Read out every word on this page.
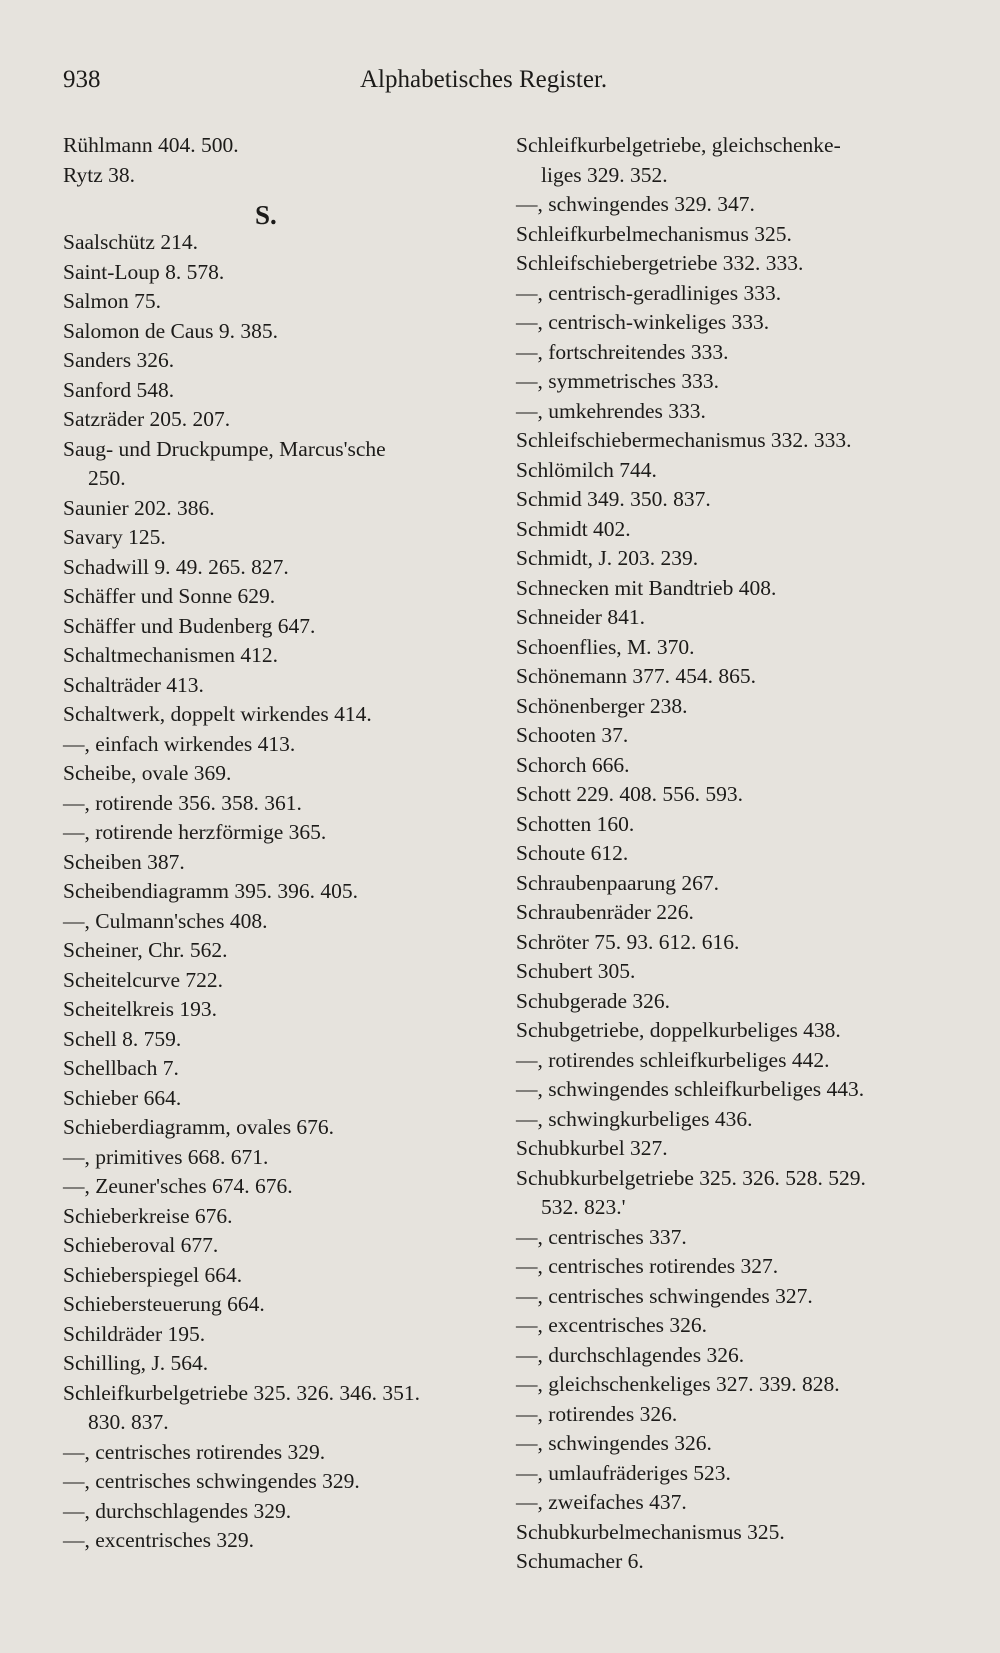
938	Alphabetisches Register.
Rühlmann 404. 500.
Rytz 38.
S.
Saalschütz 214.
Saint-Loup 8. 578.
Salmon 75.
Salomon de Caus 9. 385.
Sanders 326.
Sanford 548.
Satzräder 205. 207.
Saug- und Druckpumpe, Marcus'sche
250.
Saunier 202. 386.
Savary 125.
Schadwill 9. 49. 265. 827.
Schäffer und Sonne 629.
Schäffer und Budenberg 647.
Schaltmechanismen 412.
Schalträder 413.
Schaltwerk, doppelt wirkendes 414.
—, einfach wirkendes 413.
Scheibe, ovale 369.
—, rotirende 356. 358. 361.
—, rotirende herzförmige 365.
Scheiben 387.
Scheibendiagramm 395. 396. 405.
—, Culmann'sches 408.
Scheiner, Chr. 562.
Scheitelcurve 722.
Scheitelkreis 193.
Schell 8. 759.
Schellbach 7.
Schieber 664.
Schieberdiagramm, ovales 676.
—, primitives 668. 671.
—, Zeuner'sches 674. 676.
Schieberkreise 676.
Schieberoval 677.
Schieberspiegel 664.
Schiebersteuerung 664.
Schildräder 195.
Schilling, J. 564.
Schleifkurbelgetriebe 325. 326. 346. 351.
830. 837.
—, centrisches rotirendes 329.
—, centrisches schwingendes 329.
—, durchschlagendes 329.
—, excentrisches 329.
Schleifkurbelgetriebe, gleichschenke-
liges 329. 352.
—, schwingendes 329. 347.
Schleifkurbelmechanismus 325.
Schleifschiebergetriebe 332. 333.
—, centrisch-geradliniges 333.
—, centrisch-winkeliges 333.
—, fortschreitendes 333.
—, symmetrisches 333.
—, umkehrendes 333.
Schleifschiebermechanismus 332. 333.
Schlömilch 744.
Schmid 349. 350. 837.
Schmidt 402.
Schmidt, J. 203. 239.
Schnecken mit Bandtrieb 408.
Schneider 841.
Schoenflies, M. 370.
Schönemann 377. 454. 865.
Schönenberger 238.
Schooten 37.
Schorch 666.
Schott 229. 408. 556. 593.
Schotten 160.
Schoute 612.
Schraubenpaarung 267.
Schraubenräder 226.
Schröter 75. 93. 612. 616.
Schubert 305.
Schubgerade 326.
Schubgetriebe, doppelkurbeliges 438.
—, rotirendes schleifkurbeliges 442.
—, schwingendes schleifkurbeliges 443.
—, schwingkurbeliges 436.
Schubkurbel 327.
Schubkurbelgetriebe 325. 326. 528. 529.
532. 823.'
—, centrisches 337.
—, centrisches rotirendes 327.
—, centrisches schwingendes 327.
—, excentrisches 326.
—, durchschlagendes 326.
—, gleichschenkeliges 327. 339. 828.
—, rotirendes 326.
—, schwingendes 326.
—, umlaufräderiges 523.
—, zweifaches 437.
Schubkurbelmechanismus 325.
Schumacher 6.
